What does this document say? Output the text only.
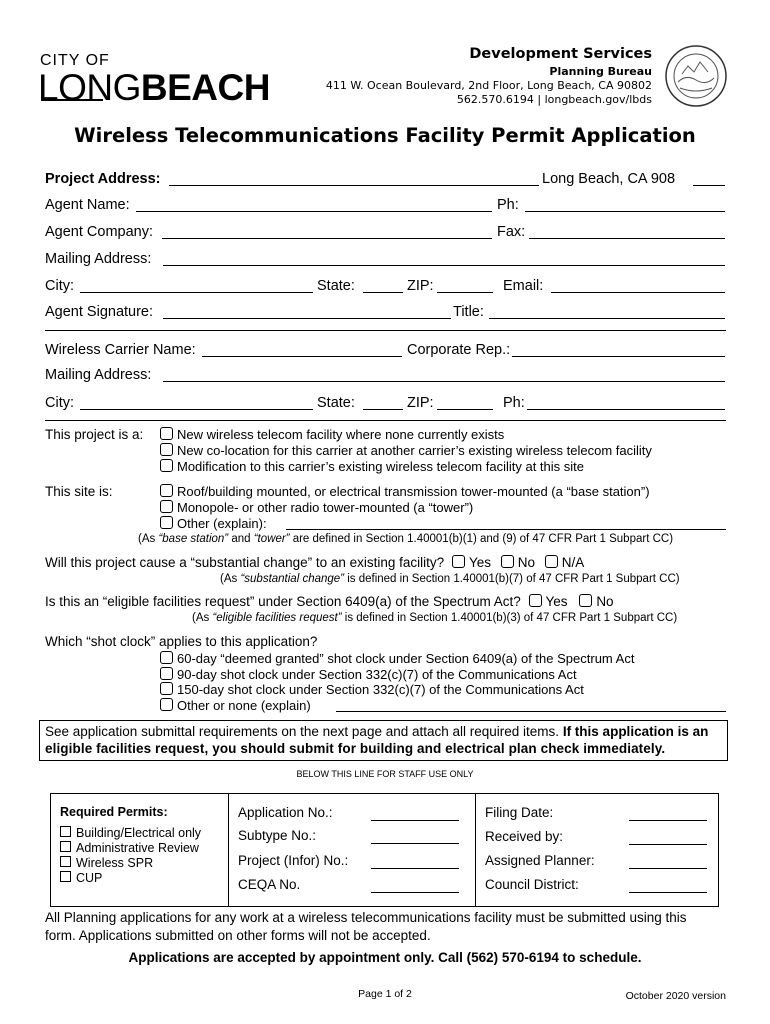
CITY OF
LONGBEACH
Development Services
Planning Bureau
411 W. Ocean Boulevard, 2nd Floor, Long Beach, CA 90802
562.570.6194 | longbeach.gov/lbds
Wireless Telecommunications Facility Permit Application
Project Address:	Long Beach, CA 908
Agent Name:	Ph:
Agent Company:	Fax:
Mailing Address:
City:	State:	ZIP:	Email:
Agent Signature:	Title:
Wireless Carrier Name:	Corporate Rep.:
Mailing Address:
City:	State:	ZIP:	Ph:
This project is a:	New wireless telecom facility where none currently exists
New co-location for this carrier at another carrier’s existing wireless telecom facility
Modification to this carrier’s existing wireless telecom facility at this site
This site is:	Roof/building mounted, or electrical transmission tower-mounted (a “base station”)
Monopole- or other radio tower-mounted (a “tower”)
Other (explain):
(As “base station” and “tower” are defined in Section 1.40001(b)(1) and (9) of 47 CFR Part 1 Subpart CC)
Will this project cause a “substantial change” to an existing facility? Yes No N/A
(As “substantial change” is defined in Section 1.40001(b)(7) of 47 CFR Part 1 Subpart CC)
Is this an “eligible facilities request” under Section 6409(a) of the Spectrum Act? Yes No
(As “eligible facilities request” is defined in Section 1.40001(b)(3) of 47 CFR Part 1 Subpart CC)
Which “shot clock” applies to this application?
60-day “deemed granted” shot clock under Section 6409(a) of the Spectrum Act
90-day shot clock under Section 332(c)(7) of the Communications Act
150-day shot clock under Section 332(c)(7) of the Communications Act
Other or none (explain)
See application submittal requirements on the next page and attach all required items. If this application is an
eligible facilities request, you should submit for building and electrical plan check immediately.
BELOW THIS LINE FOR STAFF USE ONLY
Required Permits:
Building/Electrical only
Administrative Review
Wireless SPR
CUP
Application No.:
Subtype No.:
Project (Infor) No.:
CEQA No.
Filing Date:
Received by:
Assigned Planner:
Council District:
All Planning applications for any work at a wireless telecommunications facility must be submitted using this
form. Applications submitted on other forms will not be accepted.
Applications are accepted by appointment only. Call (562) 570-6194 to schedule.
Page 1 of 2	October 2020 version
